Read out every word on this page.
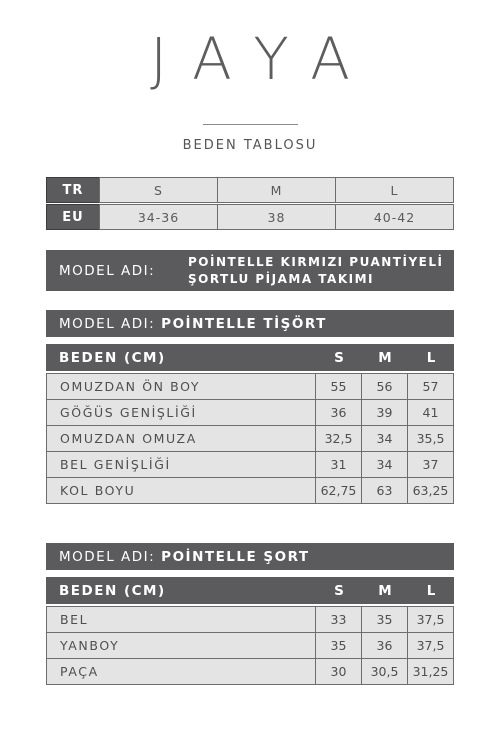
JAYA
BEDEN TABLOSU
TR	S	M	L
EU	34-36	38	40-42
MODEL ADI:
POİNTELLE KIRMIZI PUANTİYELİ
ŞORTLU PİJAMA TAKIMI
MODEL ADI: POİNTELLE TİŞÖRT
BEDEN (CM)	S	M	L
OMUZDAN ÖN BOY	55	56	57
GÖĞÜS GENİŞLİĞİ	36	39	41
OMUZDAN OMUZA	32,5	34	35,5
BEL GENİŞLİĞİ	31	34	37
KOL BOYU	62,75	63	63,25
MODEL ADI: POİNTELLE ŞORT
BEDEN (CM)	S	M	L
BEL	33	35	37,5
YANBOY	35	36	37,5
PAÇA	30	30,5	31,25
